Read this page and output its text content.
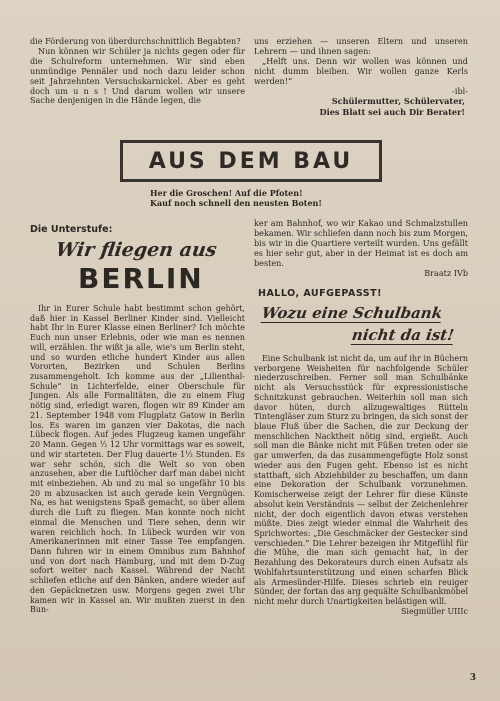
die Förderung von überdurchschnittlich Begabten?

Nun können wir Schüler ja nichts gegen oder für die Schulreform unternehmen. Wir sind eben unmündige Pennäler und noch dazu leider schon seit Jahrzehnten Versuchskarnickel. Aber es geht doch um u n s ! Und darum wollen wir unsere Sache denjenigen in die Hände legen, die

uns erziehen — unseren Eltern und unseren Lehrern — und ihnen sagen:

„Helft uns. Denn wir wollen was können und nicht dumm bleiben. Wir wollen ganze Kerls werden!“

-ibl-

Schülermutter, Schülervater,

Dies Blatt sei auch Dir Berater!

AUS DEM BAU

Her die Groschen! Auf die Pfoten!

Kauf noch schnell den neusten Boten!

Die Unterstufe:
Wir fliegen aus
BERLIN

Ihr in Eurer Schule habt bestimmt schon gehört, daß hier in Kassel Berliner Kinder sind. Vielleicht habt Ihr in Eurer Klasse einen Berliner? Ich möchte Euch nun unser Erlebnis, oder wie man es nennen will, erzählen. Ihr wißt ja alle, wie's um Berlin steht, und so wurden etliche hundert Kinder aus allen Vororten, Bezirken und Schulen Berlins zusammengeholt. Ich komme aus der „Lilienthal-Schule“ in Lichterfelde, einer Oberschule für Jungen. Als alle Formalitäten, die zu einem Flug nötig sind, erledigt waren, flogen wir 89 Kinder am 21. September 1948 vom Flugplatz Gatow in Berlin los. Es waren im ganzen vier Dakotas, die nach Lübeck flogen. Auf jedes Flugzeug kamen ungefähr 20 Mann. Gegen ½ 12 Uhr vormittags war es soweit, und wir starteten. Der Flug dauerte 1½ Stunden. Es war sehr schön, sich die Welt so von oben anzusehen, aber die Luftlöcher darf man dabei nicht mit einbeziehen. Ab und zu mal so ungefähr 10 bis 20 m abzusacken ist auch gerade kein Vergnügen. Na, es hat wenigstens Spaß gemacht, so über allem durch die Luft zu fliegen. Man konnte noch nicht einmal die Menschen und Tiere sehen, denn wir waren reichlich hoch. In Lübeck wurden wir von Amerikanerinnen mit einer Tasse Tee empfangen. Dann fuhren wir in einem Omnibus zum Bahnhof und von dort nach Hamburg, und mit dem D-Zug sofort weiter nach Kassel. Während der Nacht schliefen etliche auf den Bänken, andere wieder auf den Gepäcknetzen usw. Morgens gegen zwei Uhr kamen wir in Kassel an. Wir mußten zuerst in den Bun-

ker am Bahnhof, wo wir Kakao und Schmalzstullen bekamen. Wir schliefen dann noch bis zum Morgen, bis wir in die Quartiere verteilt wurden. Uns gefällt es hier sehr gut, aber in der Heimat ist es doch am besten.

Braatz IVb

HALLO, AUFGEPASST!
Wozu eine Schulbank
nicht da ist!

Eine Schulbank ist nicht da, um auf ihr in Büchern verborgene Weisheiten für nachfolgende Schüler niederzuschreiben. Ferner soll man Schulbänke nicht als Versuchsstück für expressionistische Schnitzkunst gebrauchen. Weiterhin soll man sich davor hüten, durch allzugewaltiges Rütteln Tintengläser zum Sturz zu bringen, da sich sonst der blaue Fluß über die Sachen, die zur Deckung der menschlichen Nacktheit nötig sind, ergießt. Auch soll man die Bänke nicht mit Füßen treten oder sie gar umwerfen, da das zusammengefügte Holz sonst wieder aus den Fugen geht. Ebenso ist es nicht statthaft, sich Abziehbilder zu beschaffen, um dann eine Dekoration der Schulbank vorzunehmen. Komischerweise zeigt der Lehrer für diese Künste absolut kein Verständnis — selbst der Zeichenlehrer nicht, der doch eigentlich davon etwas verstehen müßte. Dies zeigt wieder einmal die Wahrheit des Sprichwortes: „Die Geschmäcker der Gestecker sind verschieden.“ Die Lehrer bezeigen ihr Mitgefühl für die Mühe, die man sich gemacht hat, in der Bezahlung des Dekorateurs durch einen Aufsatz als Wohlfahrtsunterstützung und einen scharfen Blick als Armesünder-Hilfe. Dieses schrieb ein reuiger Sünder, der fortan das arg gequälte Schulbankmöbel nicht mehr durch Unartigkeiten belästigen will.

Siegmüller UIIIc

3
